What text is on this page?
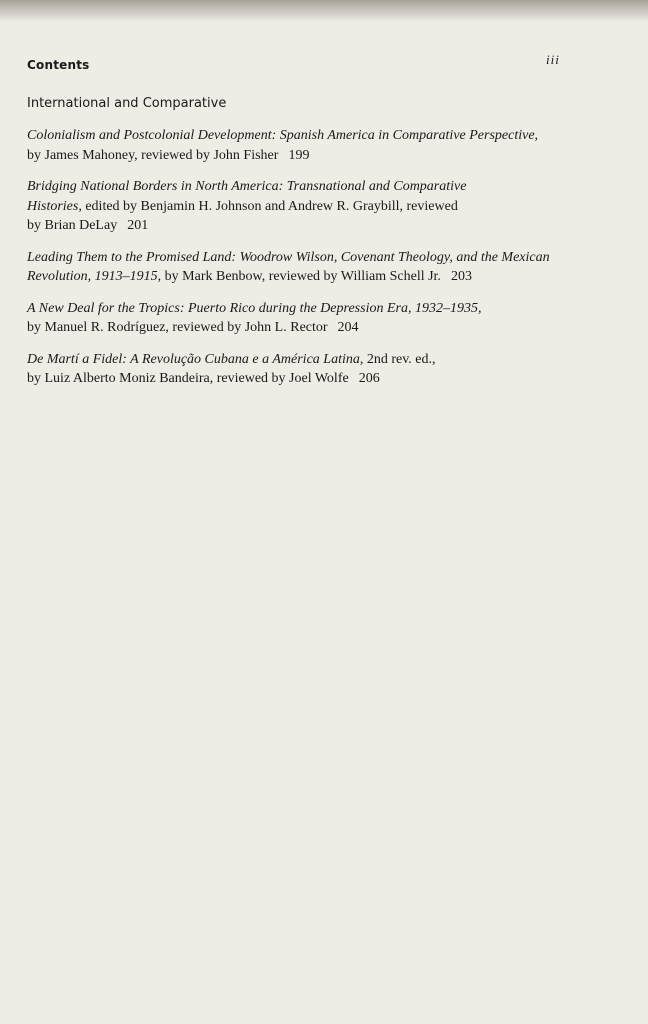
Contents	iii
International and Comparative
Colonialism and Postcolonial Development: Spanish America in Comparative Perspective,
by James Mahoney, reviewed by John Fisher 199
Bridging National Borders in North America: Transnational and Comparative
Histories, edited by Benjamin H. Johnson and Andrew R. Graybill, reviewed
by Brian DeLay 201
Leading Them to the Promised Land: Woodrow Wilson, Covenant Theology, and the Mexican
Revolution, 1913–1915, by Mark Benbow, reviewed by William Schell Jr. 203
A New Deal for the Tropics: Puerto Rico during the Depression Era, 1932–1935,
by Manuel R. Rodríguez, reviewed by John L. Rector 204
De Martí a Fidel: A Revolução Cubana e a América Latina, 2nd rev. ed.,
by Luiz Alberto Moniz Bandeira, reviewed by Joel Wolfe 206
